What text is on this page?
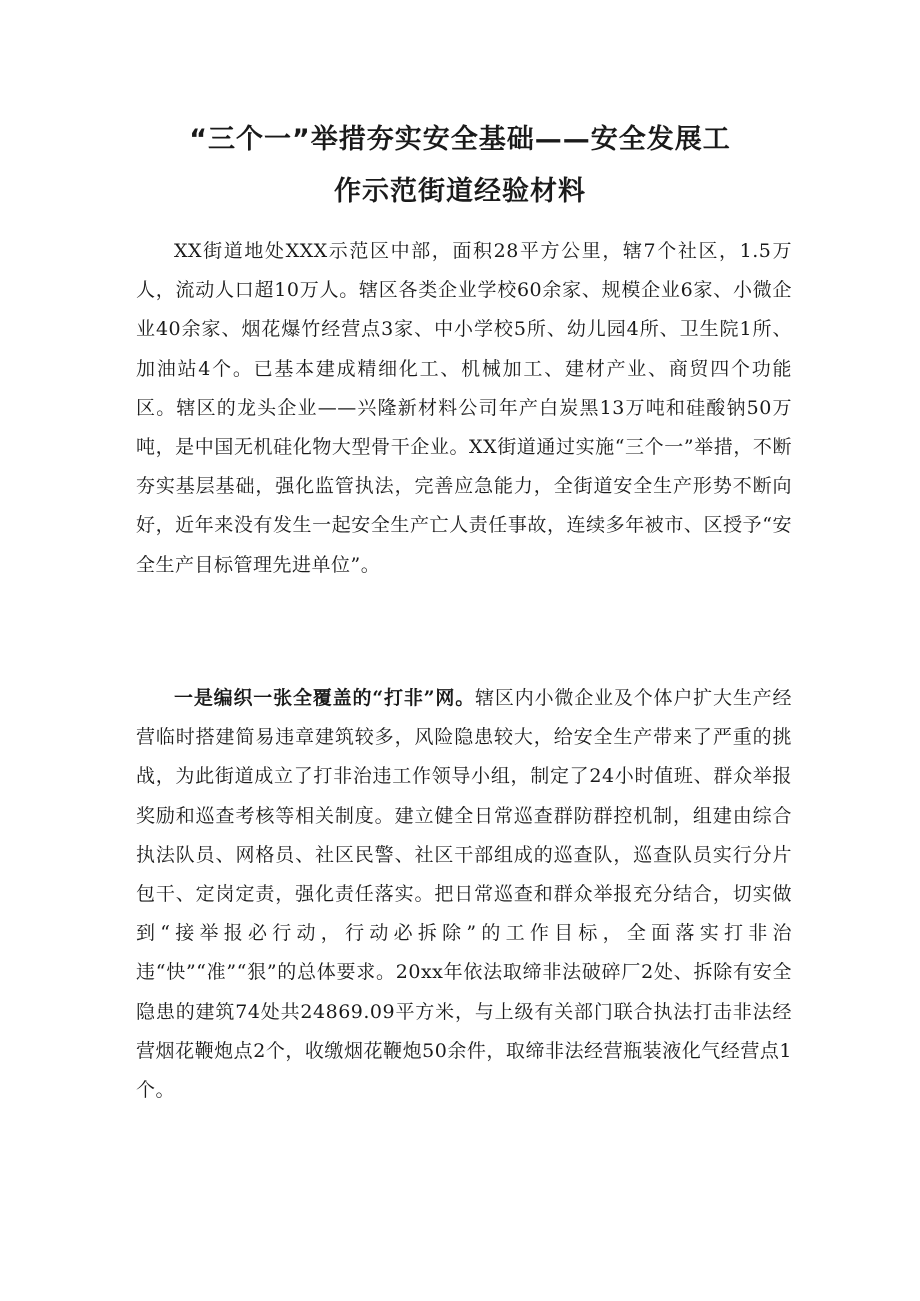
“三个一”举措夯实安全基础——安全发展工
作示范街道经验材料

XX街道地处XXX示范区中部，面积28平方公里，辖7个社区，1.5万人，流动人口超10万人。辖区各类企业学校60余家、规模企业6家、小微企业40余家、烟花爆竹经营点3家、中小学校5所、幼儿园4所、卫生院1所、加油站4个。已基本建成精细化工、机械加工、建材产业、商贸四个功能区。辖区的龙头企业——兴隆新材料公司年产白炭黑13万吨和硅酸钠50万吨，是中国无机硅化物大型骨干企业。XX街道通过实施“三个一”举措，不断夯实基层基础，强化监管执法，完善应急能力，全街道安全生产形势不断向好，近年来没有发生一起安全生产亡人责任事故，连续多年被市、区授予“安全生产目标管理先进单位”。

一是编织一张全覆盖的“打非”网。辖区内小微企业及个体户扩大生产经营临时搭建简易违章建筑较多，风险隐患较大，给安全生产带来了严重的挑战，为此街道成立了打非治违工作领导小组，制定了24小时值班、群众举报奖励和巡查考核等相关制度。建立健全日常巡查群防群控机制，组建由综合执法队员、网格员、社区民警、社区干部组成的巡查队，巡查队员实行分片包干、定岗定责，强化责任落实。把日常巡查和群众举报充分结合，切实做到“接举报必行动，行动必拆除”的工作目标，全面落实打非治违“快”“准”“狠”的总体要求。20xx年依法取缔非法破碎厂2处、拆除有安全隐患的建筑74处共24869.09平方米，与上级有关部门联合执法打击非法经营烟花鞭炮点2个，收缴烟花鞭炮50余件，取缔非法经营瓶装液化气经营点1个。
